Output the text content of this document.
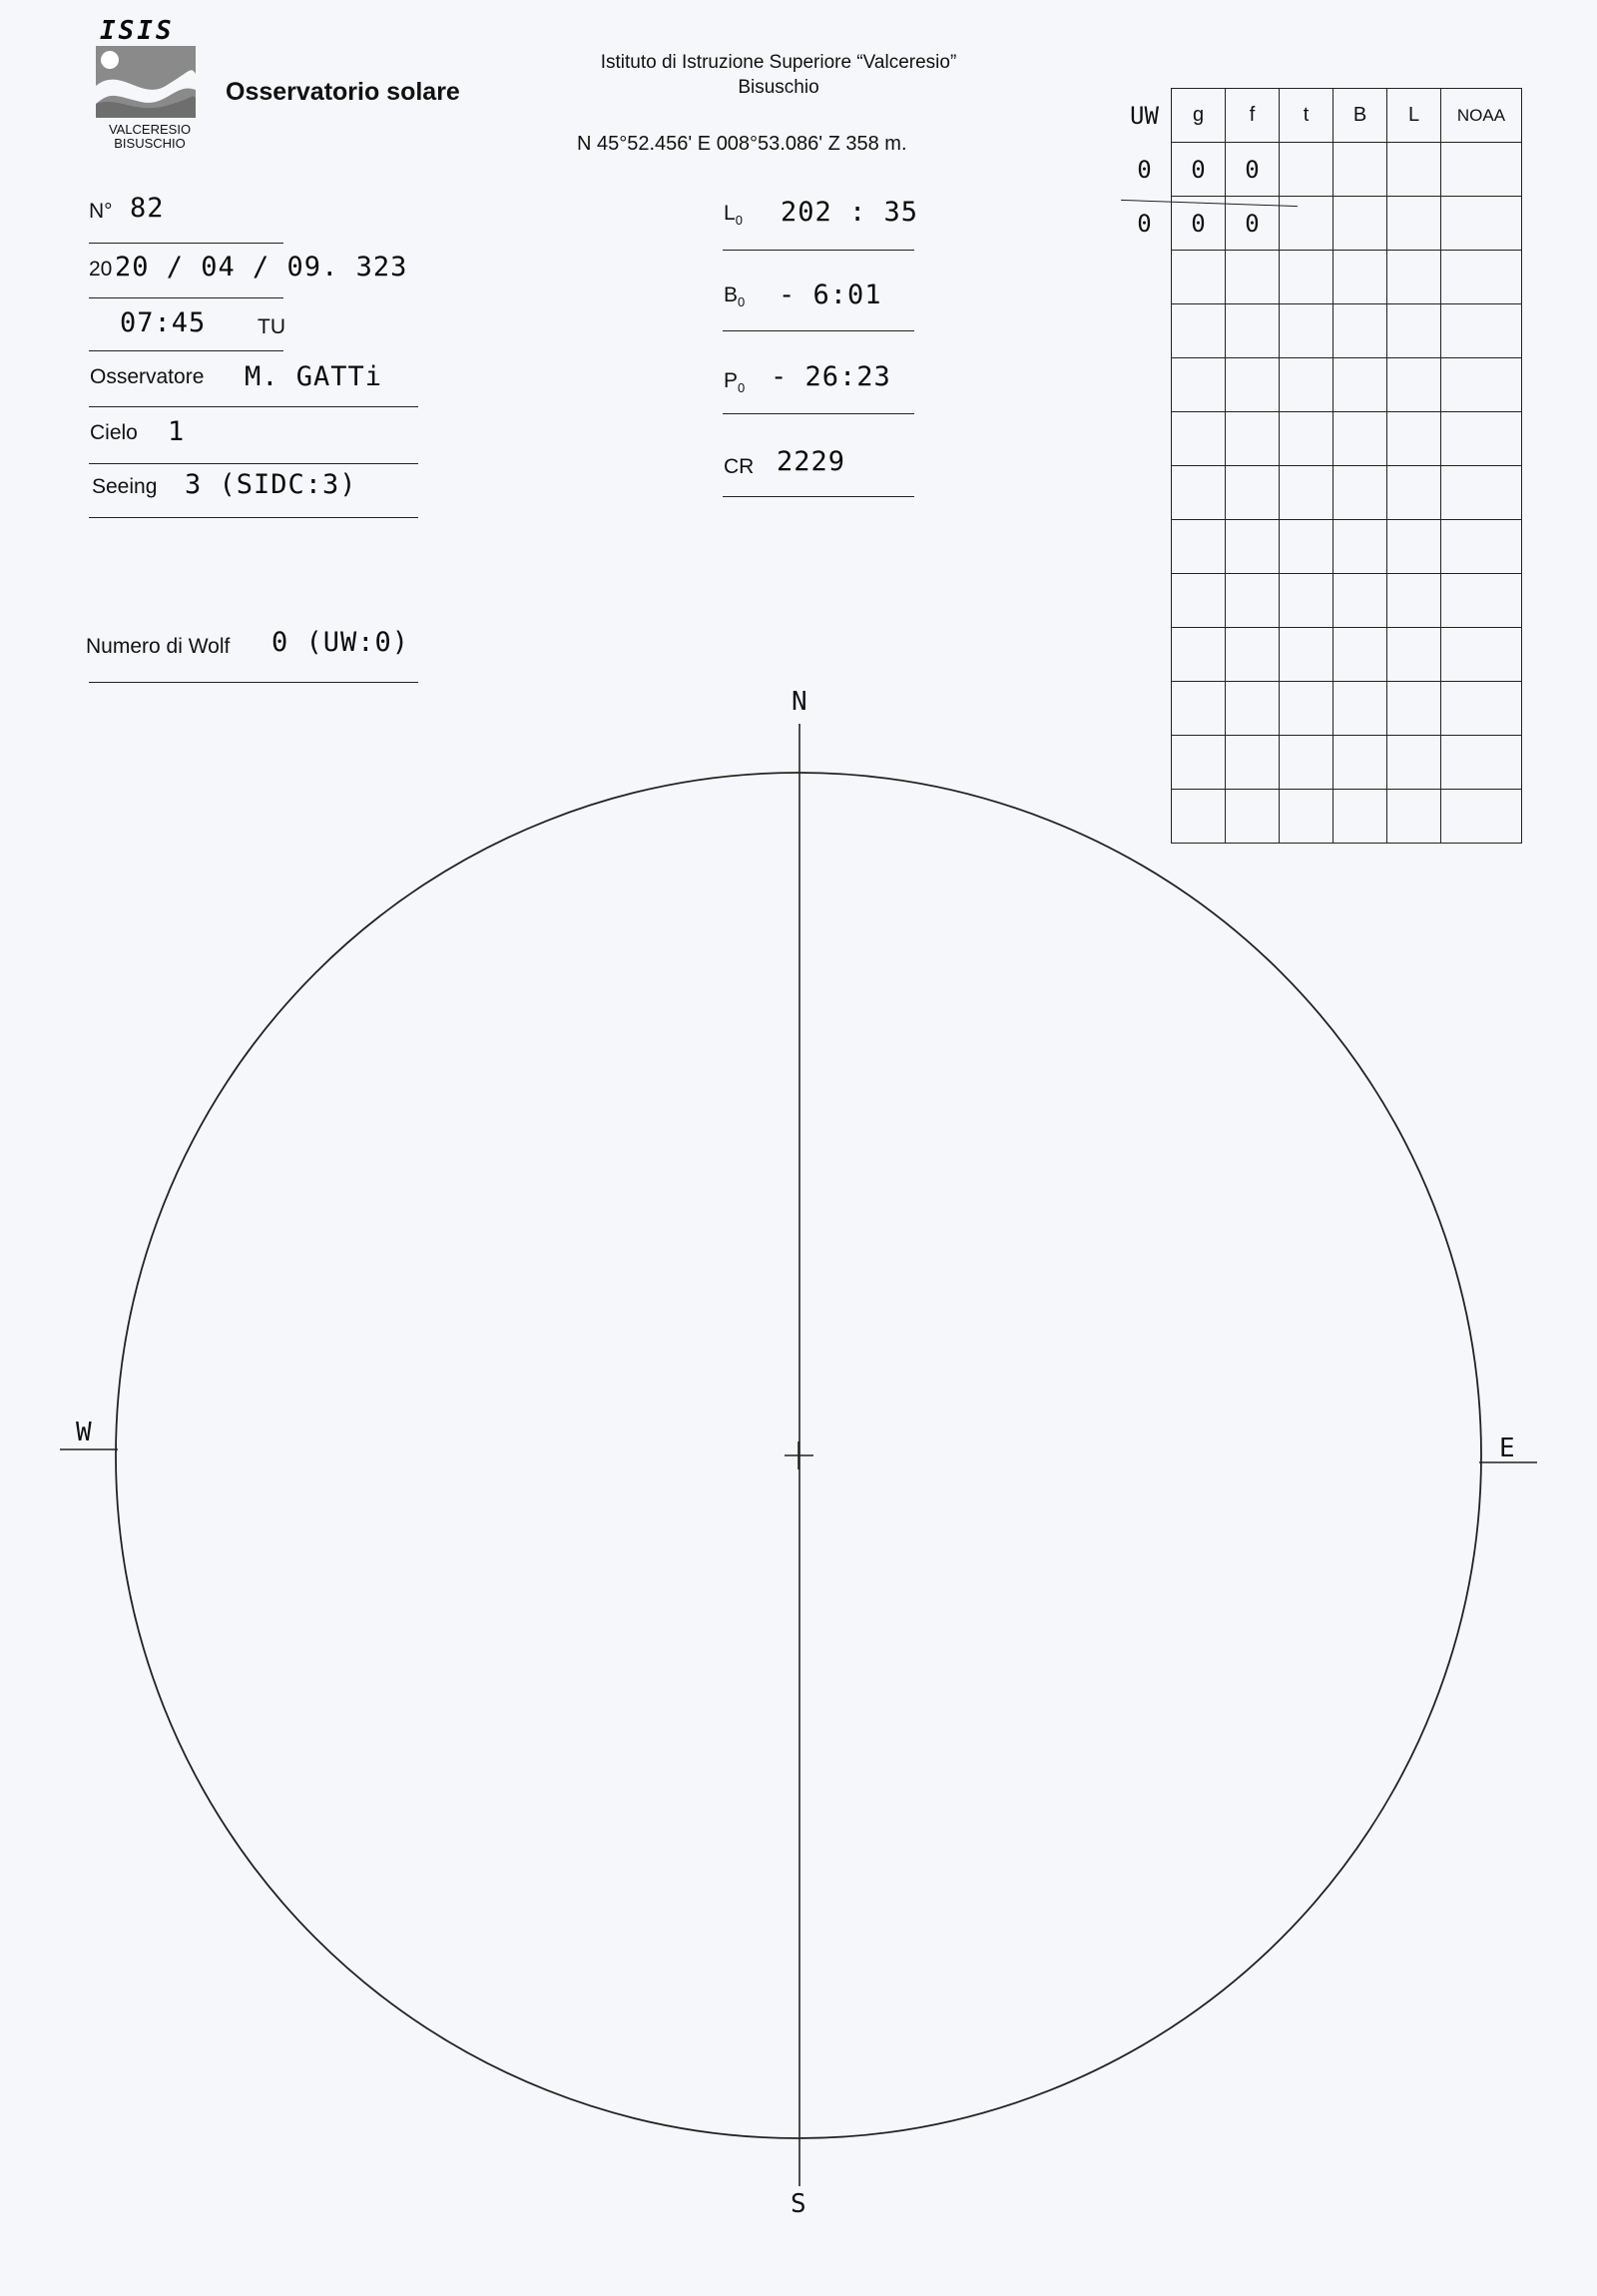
ISIS
VALCERESIO
BISUSCHIO
Osservatorio solare
Istituto di Istruzione Superiore “Valceresio”
Bisuschio
N 45°52.456' E 008°53.086' Z 358 m.
N° 82
20 20 / 04 / 09. 323
07:45 TU
Osservatore M. GATTi
Cielo 1
Seeing 3 (SIDC:3)
Numero di Wolf 0 (UW:0)
$L_0$ 202 : 35
$B_0$ - 6:01
$P_0$ - 26:23
CR 2229
UW	g	f	t	B	L	NOAA
0	0	0				
0	0	0				

N
S
E
W
